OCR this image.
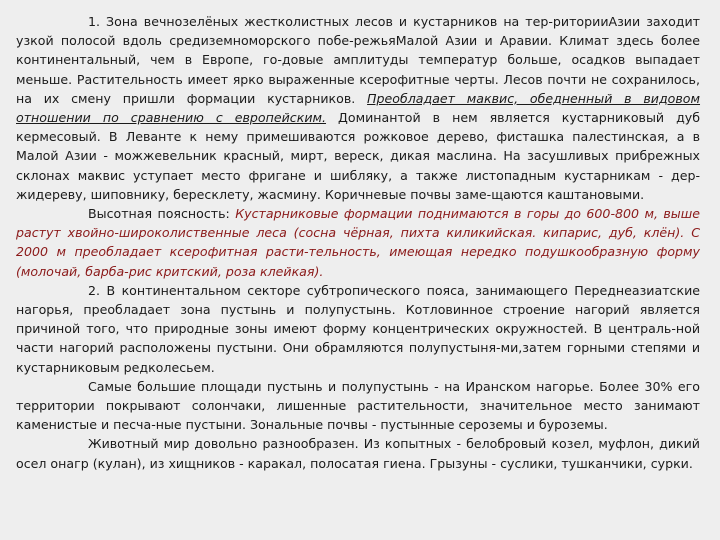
1. Зона вечнозелёных жестколистных лесов и кустарников на тер-риторииАзии заходит узкой полосой вдоль средиземноморского побе-режьяМалой Азии и Аравии. Климат здесь более континентальный, чем в Европе, го-довые амплитуды температур больше, осадков выпадает меньше. Растительность имеет ярко выраженные ксерофитные черты. Лесов почти не сохранилось, на их смену пришли формации кустарников. Преобладает маквис, обедненный в видовом отношении по сравнению с европейским. Доминантой в нем является кустарниковый дуб кермесовый. В Леванте к нему примешиваются рожковое дерево, фисташка палестинская, а в Малой Азии - можжевельник красный, мирт, вереск, дикая маслина. На засушливых прибрежных склонах маквис уступает место фригане и шибляку, а также листопадным кустарникам - дер-жидереву, шиповнику, бересклету, жасмину. Коричневые почвы заме-щаются каштановыми.

Высотная поясность: Кустарниковые формации поднимаются в горы до 600-800 м, выше растут хвойно-широколиственные леса (сосна чёрная, пихта киликийская. кипарис, дуб, клён). С 2000 м преобладает ксерофитная расти-тельность, имеющая нередко подушкообразную форму (молочай, барба-рис критский, роза клейкая).

2. В континентальном секторе субтропического пояса, занимающего Переднеазиатские нагорья, преобладает зона пустынь и полупустынь. Котловинное строение нагорий является причиной того, что природные зоны имеют форму концентрических окружностей. В централь-ной части нагорий расположены пустыни. Они обрамляются полупустыня-ми,затем горными степями и кустарниковым редколесьем.

Самые большие площади пустынь и полупустынь - на Иранском нагорье. Более 30% его территории покрывают солончаки, лишенные растительности, значительное место занимают каменистые и песча-ные пустыни. Зональные почвы - пустынные сероземы и буроземы.

Животный мир довольно разнообразен. Из копытных - белобровый козел, муфлон, дикий осел онагр (кулан), из хищников - каракал, полосатая гиена. Грызуны - суслики, тушканчики, сурки.
